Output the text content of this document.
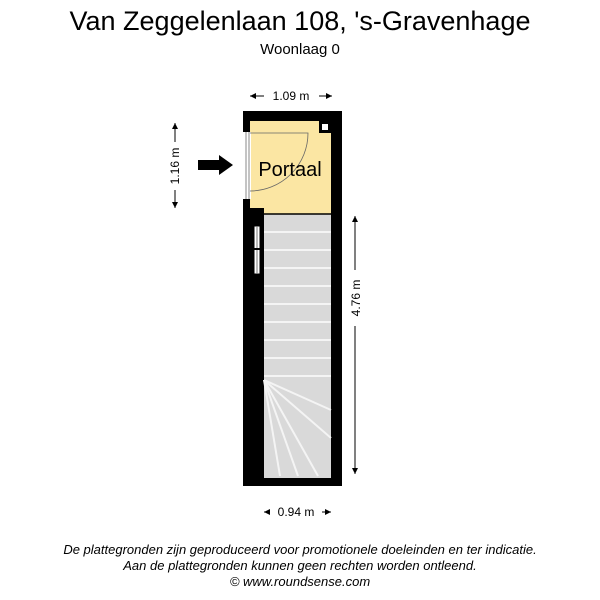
Van Zeggelenlaan 108, 's-Gravenhage
Woonlaag 0
Portaal
1.09 m
1.16 m
4.76 m
0.94 m
De plattegronden zijn geproduceerd voor promotionele doeleinden en ter indicatie.
Aan de plattegronden kunnen geen rechten worden ontleend.
© www.roundsense.com
